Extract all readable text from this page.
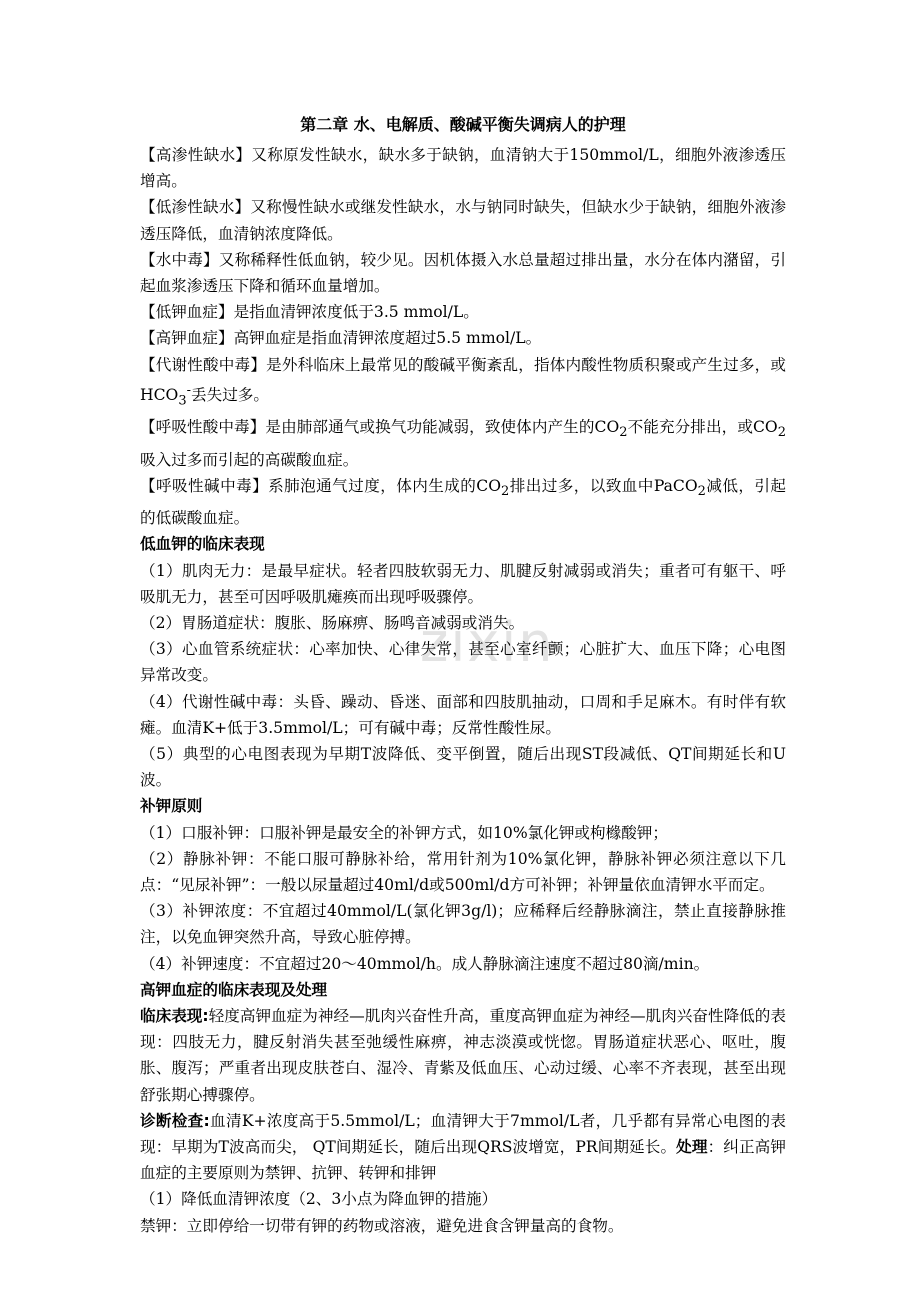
zixin
第二章 水、电解质、酸碱平衡失调病人的护理

【高渗性缺水】又称原发性缺水，缺水多于缺钠，血清钠大于150mmol/L，细胞外液渗透压增高。

【低渗性缺水】又称慢性缺水或继发性缺水，水与钠同时缺失，但缺水少于缺钠，细胞外液渗透压降低，血清钠浓度降低。

【水中毒】又称稀释性低血钠，较少见。因机体摄入水总量超过排出量，水分在体内潴留，引起血浆渗透压下降和循环血量增加。

【低钾血症】是指血清钾浓度低于3.5 mmol/L。

【高钾血症】高钾血症是指血清钾浓度超过5.5 mmol/L。

【代谢性酸中毒】是外科临床上最常见的酸碱平衡紊乱，指体内酸性物质积聚或产生过多，或$HCO_3^-$丢失过多。

【呼吸性酸中毒】是由肺部通气或换气功能减弱，致使体内产生的$CO_2$不能充分排出，或$CO_2$吸入过多而引起的高碳酸血症。

【呼吸性碱中毒】系肺泡通气过度，体内生成的$CO_2$排出过多，以致血中PaCO$_2$减低，引起的低碳酸血症。

低血钾的临床表现

（1）肌肉无力：是最早症状。轻者四肢软弱无力、肌腱反射减弱或消失；重者可有躯干、呼吸肌无力，甚至可因呼吸肌瘫痪而出现呼吸骤停。

（2）胃肠道症状：腹胀、肠麻痹、肠鸣音减弱或消失。

（3）心血管系统症状：心率加快、心律失常，甚至心室纤颤；心脏扩大、血压下降；心电图异常改变。

（4）代谢性碱中毒：头昏、躁动、昏迷、面部和四肢肌抽动，口周和手足麻木。有时伴有软瘫。血清K+低于3.5mmol/L；可有碱中毒；反常性酸性尿。

（5）典型的心电图表现为早期T波降低、变平倒置，随后出现ST段减低、QT间期延长和U波。

补钾原则

（1）口服补钾：口服补钾是最安全的补钾方式，如10%氯化钾或枸橼酸钾；

（2）静脉补钾：不能口服可静脉补给，常用针剂为10%氯化钾，静脉补钾必须注意以下几点：“见尿补钾”：一般以尿量超过40ml/d或500ml/d方可补钾；补钾量依血清钾水平而定。

（3）补钾浓度：不宜超过40mmol/L(氯化钾3g/l)；应稀释后经静脉滴注，禁止直接静脉推注，以免血钾突然升高，导致心脏停搏。

（4）补钾速度：不宜超过20～40mmol/h。成人静脉滴注速度不超过80滴/min。

高钾血症的临床表现及处理

临床表现:轻度高钾血症为神经—肌肉兴奋性升高，重度高钾血症为神经—肌肉兴奋性降低的表现：四肢无力，腱反射消失甚至弛缓性麻痹，神志淡漠或恍惚。胃肠道症状恶心、呕吐，腹胀、腹泻；严重者出现皮肤苍白、湿冷、青紫及低血压、心动过缓、心率不齐表现，甚至出现舒张期心搏骤停。

诊断检查:血清K+浓度高于5.5mmol/L；血清钾大于7mmol/L者，几乎都有异常心电图的表现：早期为T波高而尖， QT间期延长，随后出现QRS波增宽，PR间期延长。处理：纠正高钾血症的主要原则为禁钾、抗钾、转钾和排钾

（1）降低血清钾浓度（2、3小点为降血钾的措施）

禁钾：立即停给一切带有钾的药物或溶液，避免进食含钾量高的食物。
